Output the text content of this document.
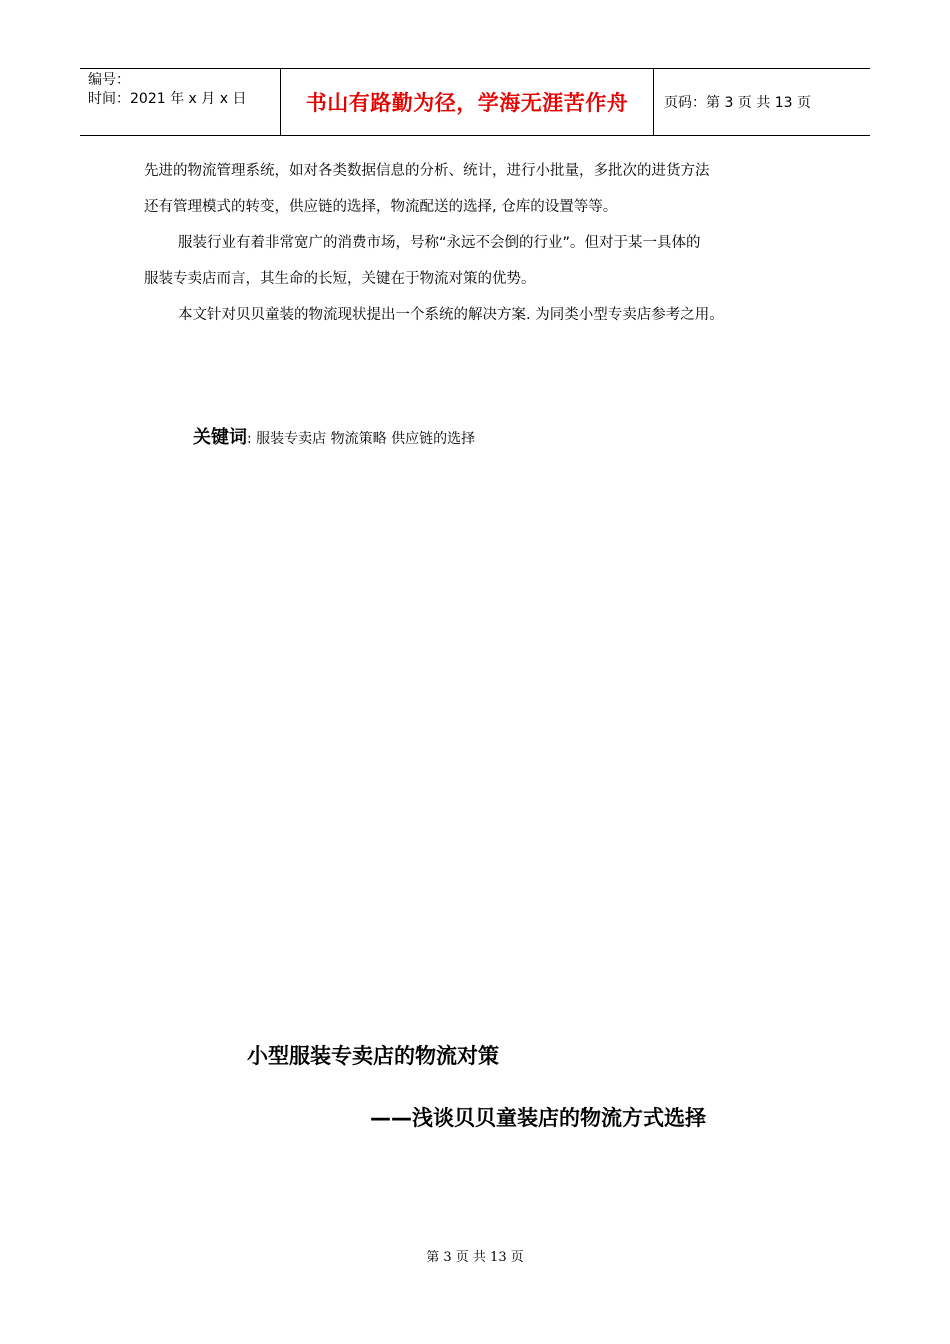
编号：
时间：2021 年 x 月 x 日	书山有路勤为径，学海无涯苦作舟	页码：第 3 页 共 13 页

先进的物流管理系统，如对各类数据信息的分析、统计，进行小批量，多批次的进货方法

还有管理模式的转变，供应链的选择，物流配送的选择, 仓库的设置等等。

服装行业有着非常宽广的消费市场，号称“永远不会倒的行业”。但对于某一具体的

服装专卖店而言，其生命的长短，关键在于物流对策的优势。

本文针对贝贝童装的物流现状提出一个系统的解决方案. 为同类小型专卖店参考之用。

关键词: 服装专卖店 物流策略 供应链的选择
小型服装专卖店的物流对策
——浅谈贝贝童装店的物流方式选择
第 3 页 共 13 页
